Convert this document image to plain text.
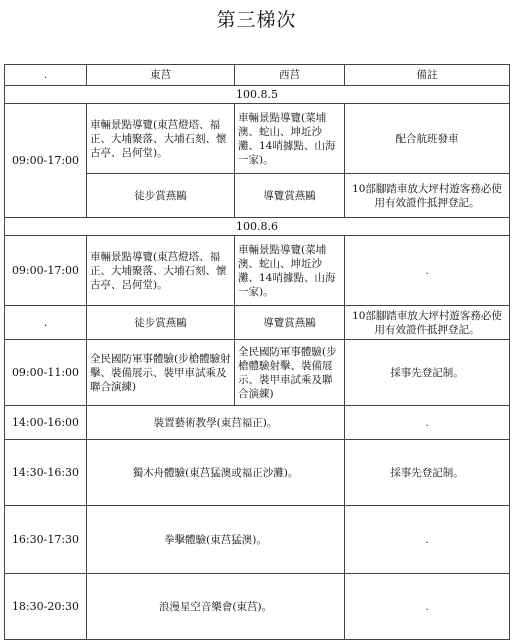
第三梯次
.	東莒	西莒	備註
100.8.5			
09:00-17:00	車輛景點導覽(東莒燈塔、福正、大埔聚落、大埔石刻、懷古亭、呂何堂)。	車輛景點導覽(菜埔澳、蛇山、坤坵沙灘、14哨據點、山海一家)。	配合航班發車
	徒步賞燕鷗	導覽賞燕鷗	10部腳踏車放大坪村遊客務必使用有效證件抵押登記。
100.8.6			
09:00-17:00	車輛景點導覽(東莒燈塔、福正、大埔聚落、大埔石刻、懷古亭、呂何堂)。	車輛景點導覽(菜埔澳、蛇山、坤坵沙灘、14哨據點、山海一家)。	.
.	徒步賞燕鷗	導覽賞燕鷗	10部腳踏車放大坪村遊客務必使用有效證件抵押登記。
09:00-11:00	全民國防軍事體驗(步槍體驗射擊、裝備展示、裝甲車試乘及聯合演練)	全民國防軍事體驗(步槍體驗射擊、裝備展示、裝甲車試乘及聯合演練)	採事先登記制。
14:00-16:00	裝置藝術教學(東莒福正)。		.
14:30-16:30	獨木舟體驗(東莒猛澳或福正沙灘)。		採事先登記制。
16:30-17:30	拳擊體驗(東莒猛澳)。		.
18:30-20:30	浪漫星空音樂會(東莒)。		.
